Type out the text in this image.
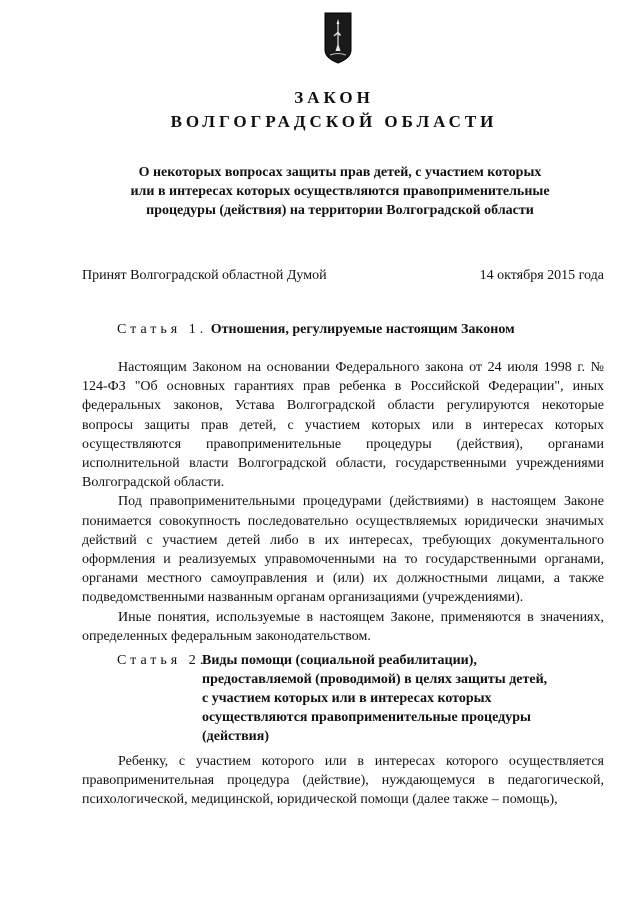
ЗАКОН
ВОЛГОГРАДСКОЙ ОБЛАСТИ
О некоторых вопросах защиты прав детей, с участием которых
или в интересах которых осуществляются правоприменительные
процедуры (действия) на территории Волгоградской области
Принят Волгоградской областной Думой	14 октября 2015 года
Статья 1. Отношения, регулируемые настоящим Законом

Настоящим Законом на основании Федерального закона от 24 июля 1998 г. № 124-ФЗ "Об основных гарантиях прав ребенка в Российской Федерации", иных федеральных законов, Устава Волгоградской области регулируются некоторые вопросы защиты прав детей, с участием которых или в интересах которых осуществляются правоприменительные процедуры (действия), органами исполнительной власти Волгоградской области, государственными учреждениями Волгоградской области.

Под правоприменительными процедурами (действиями) в настоящем Законе понимается совокупность последовательно осуществляемых юридически значимых действий с участием детей либо в их интересах, требующих документального оформления и реализуемых управомоченными на то государственными органами, органами местного самоуправления и (или) их должностными лицами, а также подведомственными названным органам организациями (учреждениями).

Иные понятия, используемые в настоящем Законе, применяются в значениях, определенных федеральным законодательством.

Статья 2.
Виды помощи (социальной реабилитации),
предоставляемой (проводимой) в целях защиты детей,
с участием которых или в интересах которых
осуществляются правоприменительные процедуры
(действия)

Ребенку, с участием которого или в интересах которого осуществляется правоприменительная процедура (действие), нуждающемуся в педагогической, психологической, медицинской, юридической помощи (далее также – помощь),
